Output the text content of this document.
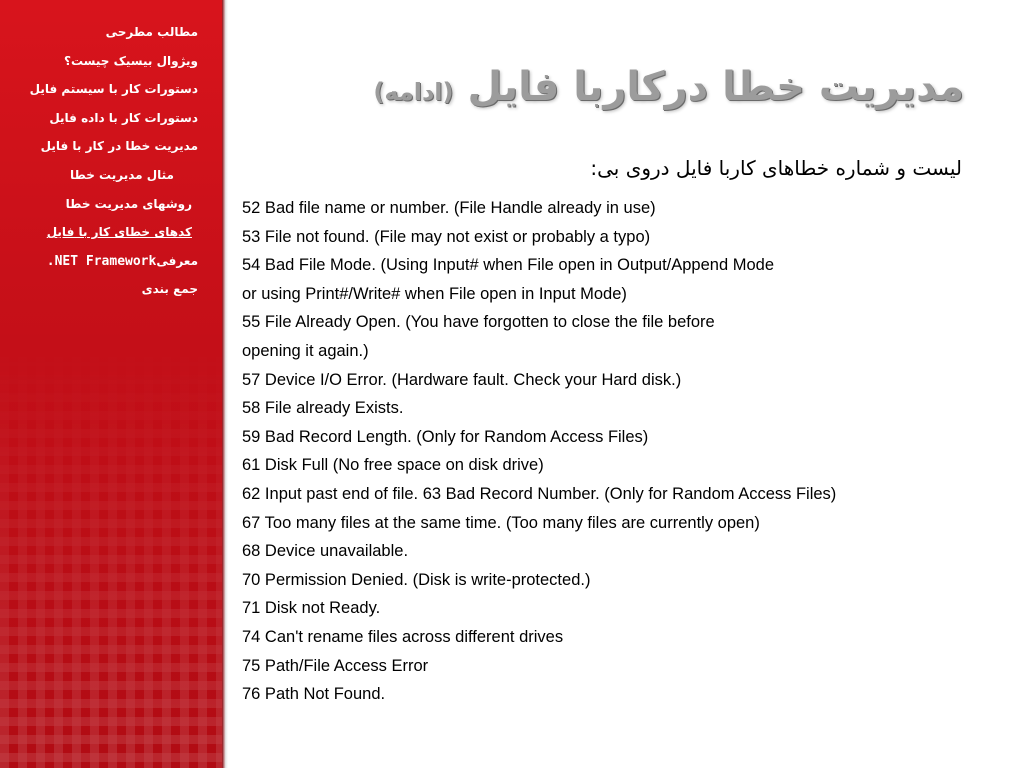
مطالب مطرحی
ویژوال بیسیک چیست؟
دستورات کار با سیستم فایل
دستورات کار با داده فایل
مدیریت خطا در کار با فایل
مثال مدیریت خطا
روشهای مدیریت خطا
کدهای خطای کار با فایل
معرفی.NET Framework
جمع بندی
مدیریت خطا درکاربا فایل (ادامه)
لیست و شماره خطاهای کاربا فایل دروی بی:
52 Bad file name or number. (File Handle already in use)
53 File not found. (File may not exist or probably a typo)
54 Bad File Mode. (Using Input# when File open in Output/Append Mode
or using Print#/Write# when File open in Input Mode)
55 File Already Open. (You have forgotten to close the file before
opening it again.)
57 Device I/O Error. (Hardware fault. Check your Hard disk.)
58 File already Exists.
59 Bad Record Length. (Only for Random Access Files)
61 Disk Full (No free space on disk drive)
62 Input past end of file. 63 Bad Record Number. (Only for Random Access Files)
67 Too many files at the same time. (Too many files are currently open)
68 Device unavailable.
70 Permission Denied. (Disk is write-protected.)
71 Disk not Ready.
74 Can't rename files across different drives
75 Path/File Access Error
76 Path Not Found.
